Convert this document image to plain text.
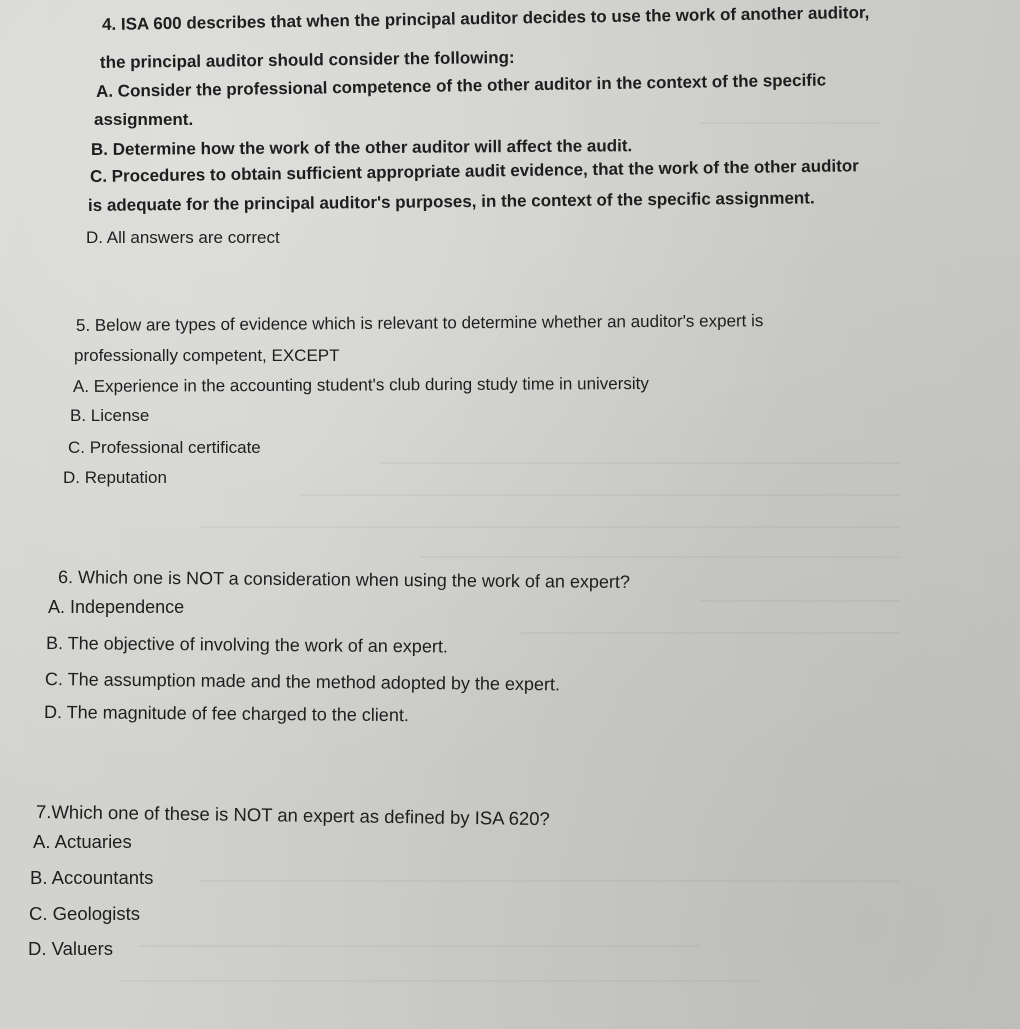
4. ISA 600 describes that when the principal auditor decides to use the work of another auditor,
the principal auditor should consider the following:
A. Consider the professional competence of the other auditor in the context of the specific
assignment.
B. Determine how the work of the other auditor will affect the audit.
C. Procedures to obtain sufficient appropriate audit evidence, that the work of the other auditor
is adequate for the principal auditor's purposes, in the context of the specific assignment.
D. All answers are correct
5. Below are types of evidence which is relevant to determine whether an auditor's expert is
professionally competent, EXCEPT
A. Experience in the accounting student's club during study time in university
B. License
C. Professional certificate
D. Reputation
6. Which one is NOT a consideration when using the work of an expert?
A. Independence
B. The objective of involving the work of an expert.
C. The assumption made and the method adopted by the expert.
D. The magnitude of fee charged to the client.
7.Which one of these is NOT an expert as defined by ISA 620?
A. Actuaries
B. Accountants
C. Geologists
D. Valuers
